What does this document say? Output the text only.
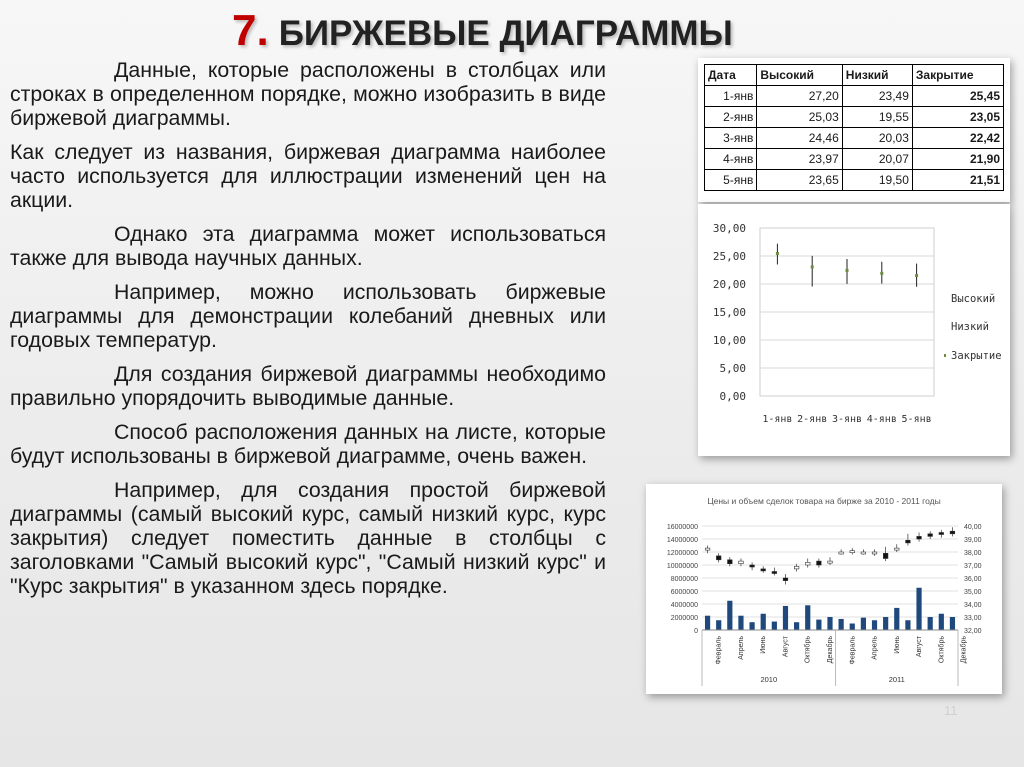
7. БИРЖЕВЫЕ ДИАГРАММЫ

Данные, которые расположены в столбцах или строках в определенном порядке, можно изобразить в виде биржевой диаграммы.

Как следует из названия, биржевая диаграмма наиболее часто используется для иллюстрации изменений цен на акции.

Однако эта диаграмма может использоваться также для вывода научных данных.

Например, можно использовать биржевые диаграммы для демонстрации колебаний дневных или годовых температур.

Для создания биржевой диаграммы необходимо правильно упорядочить выводимые данные.

Способ расположения данных на листе, которые будут использованы в биржевой диаграмме, очень важен.

Например, для создания простой биржевой диаграммы (самый высокий курс, самый низкий курс, курс закрытия) следует поместить данные в столбцы с заголовками "Самый высокий курс", "Самый низкий курс" и "Курс закрытия" в указанном здесь порядке.

Дата	Высокий	Низкий	Закрытие
1-янв	27,20	23,49	25,45
2-янв	25,03	19,55	23,05
3-янв	24,46	20,03	22,42
4-янв	23,97	20,07	21,90
5-янв	23,65	19,50	21,51
0,00
5,00
10,00
15,00
20,00
25,00
30,00
1-янв 2-янв 3-янв 4-янв 5-янв
Высокий
Низкий
Закрытие
Цены и объем сделок товара на бирже за 2010 - 2011 годы
0
2000000
4000000
6000000
8000000
10000000
12000000
14000000
16000000
32,00
33,00
34,00
35,00
36,00
37,00
38,00
39,00
40,00
Февраль Апрель Июнь Август Октябрь Декабрь Февраль Апрель Июнь Август Октябрь Декабрь
2010	2011
11
